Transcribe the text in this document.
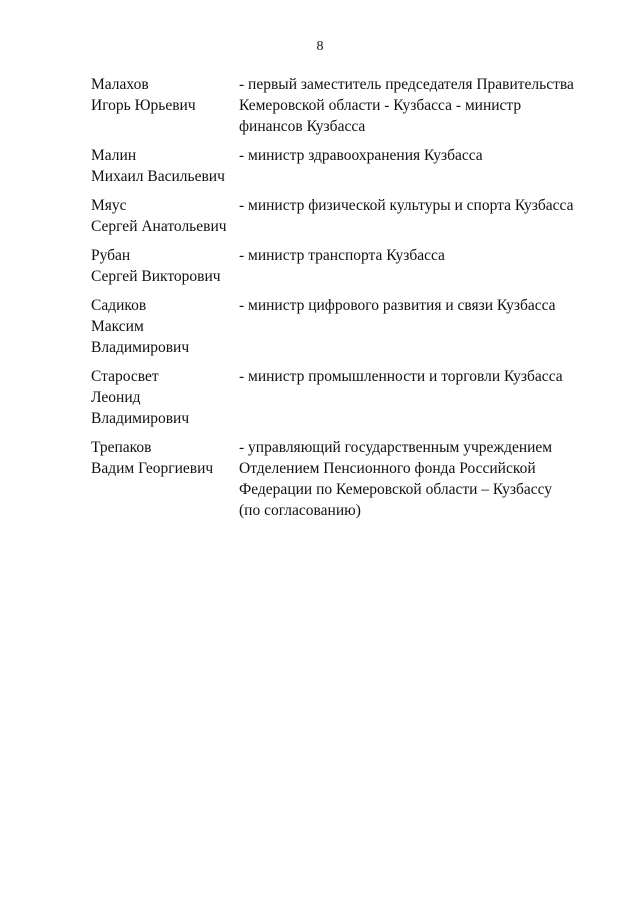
8
Малахов
Игорь Юрьевич
- первый заместитель председателя Правительства
Кемеровской области - Кузбасса - министр
финансов Кузбасса
Малин
Михаил Васильевич
- министр здравоохранения Кузбасса
Мяус
Сергей Анатольевич
- министр физической культуры и спорта Кузбасса
Рубан
Сергей Викторович
- министр транспорта Кузбасса
Садиков
Максим
Владимирович
- министр цифрового развития и связи Кузбасса
Старосвет
Леонид
Владимирович
- министр промышленности и торговли Кузбасса
Трепаков
Вадим Георгиевич
- управляющий государственным учреждением
Отделением Пенсионного фонда Российской
Федерации по Кемеровской области – Кузбассу
(по согласованию)
